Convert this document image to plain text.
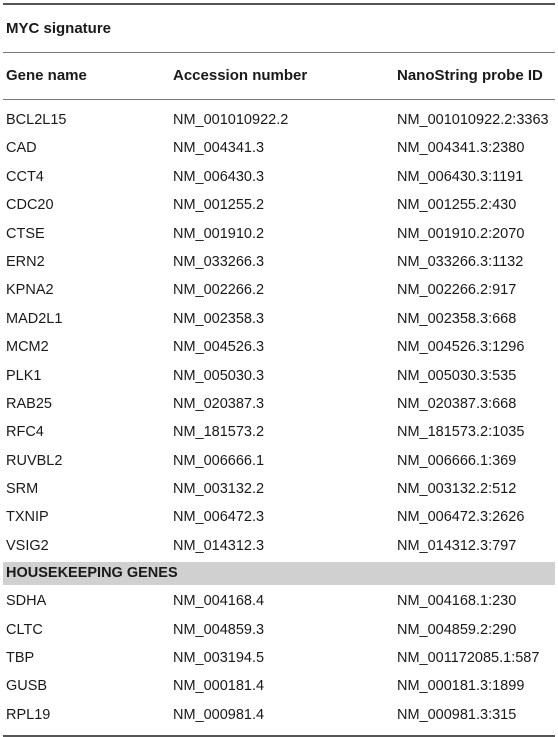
MYC signature
Gene name	Accession number	NanoString probe ID
BCL2L15	NM_001010922.2	NM_001010922.2:3363
CAD	NM_004341.3	NM_004341.3:2380
CCT4	NM_006430.3	NM_006430.3:1191
CDC20	NM_001255.2	NM_001255.2:430
CTSE	NM_001910.2	NM_001910.2:2070
ERN2	NM_033266.3	NM_033266.3:1132
KPNA2	NM_002266.2	NM_002266.2:917
MAD2L1	NM_002358.3	NM_002358.3:668
MCM2	NM_004526.3	NM_004526.3:1296
PLK1	NM_005030.3	NM_005030.3:535
RAB25	NM_020387.3	NM_020387.3:668
RFC4	NM_181573.2	NM_181573.2:1035
RUVBL2	NM_006666.1	NM_006666.1:369
SRM	NM_003132.2	NM_003132.2:512
TXNIP	NM_006472.3	NM_006472.3:2626
VSIG2	NM_014312.3	NM_014312.3:797
HOUSEKEEPING GENES
SDHA	NM_004168.4	NM_004168.1:230
CLTC	NM_004859.3	NM_004859.2:290
TBP	NM_003194.5	NM_001172085.1:587
GUSB	NM_000181.4	NM_000181.3:1899
RPL19	NM_000981.4	NM_000981.3:315
